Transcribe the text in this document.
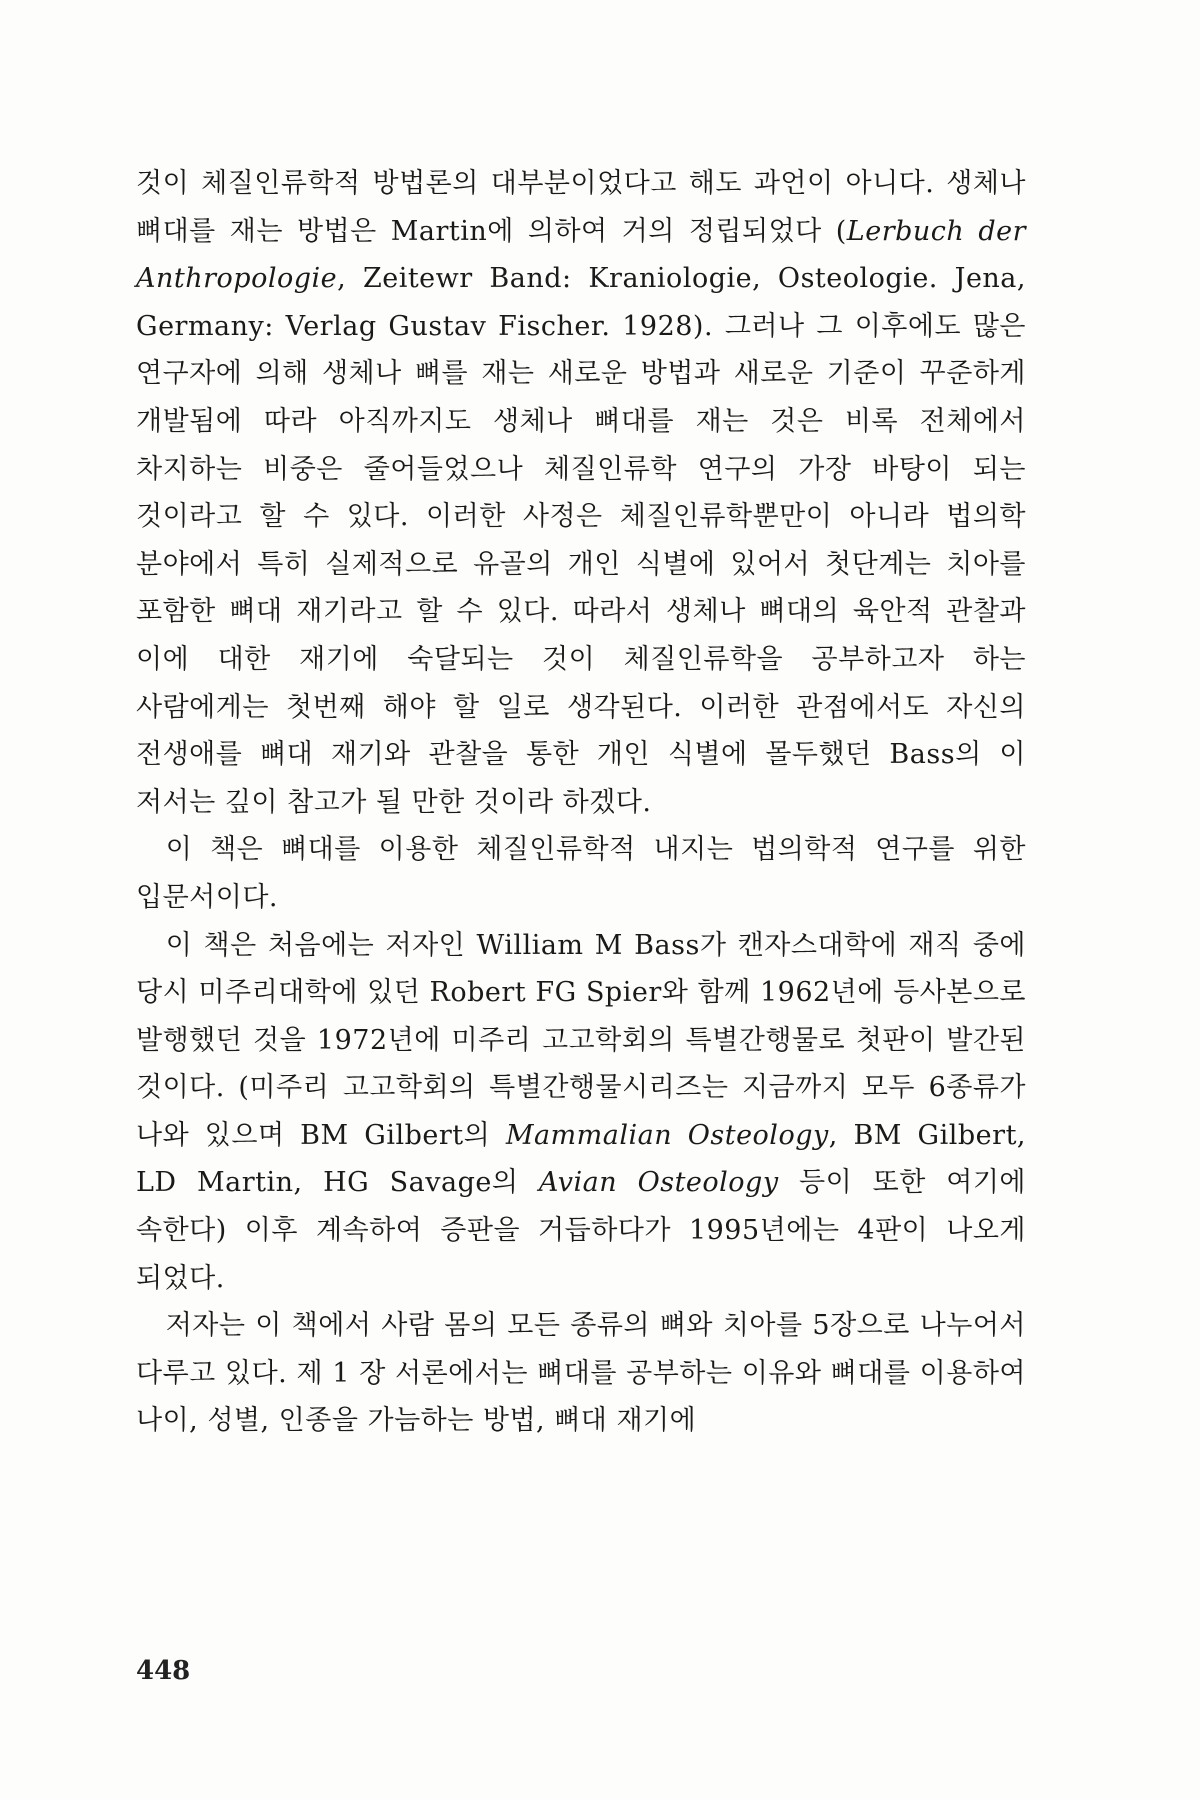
것이 체질인류학적 방법론의 대부분이었다고 해도 과언이 아니다. 생체나 뼈대를 재는 방법은 Martin에 의하여 거의 정립되었다 (Lerbuch der Anthropologie, Zeitewr Band: Kraniologie, Osteologie. Jena, Germany: Verlag Gustav Fischer. 1928). 그러나 그 이후에도 많은 연구자에 의해 생체나 뼈를 재는 새로운 방법과 새로운 기준이 꾸준하게 개발됨에 따라 아직까지도 생체나 뼈대를 재는 것은 비록 전체에서 차지하는 비중은 줄어들었으나 체질인류학 연구의 가장 바탕이 되는 것이라고 할 수 있다. 이러한 사정은 체질인류학뿐만이 아니라 법의학 분야에서 특히 실제적으로 유골의 개인 식별에 있어서 첫단계는 치아를 포함한 뼈대 재기라고 할 수 있다. 따라서 생체나 뼈대의 육안적 관찰과 이에 대한 재기에 숙달되는 것이 체질인류학을 공부하고자 하는 사람에게는 첫번째 해야 할 일로 생각된다. 이러한 관점에서도 자신의 전생애를 뼈대 재기와 관찰을 통한 개인 식별에 몰두했던 Bass의 이 저서는 깊이 참고가 될 만한 것이라 하겠다.

이 책은 뼈대를 이용한 체질인류학적 내지는 법의학적 연구를 위한 입문서이다.

이 책은 처음에는 저자인 William M Bass가 캔자스대학에 재직 중에 당시 미주리대학에 있던 Robert FG Spier와 함께 1962년에 등사본으로 발행했던 것을 1972년에 미주리 고고학회의 특별간행물로 첫판이 발간된 것이다. (미주리 고고학회의 특별간행물시리즈는 지금까지 모두 6종류가 나와 있으며 BM Gilbert의 Mammalian Osteology, BM Gilbert, LD Martin, HG Savage의 Avian Osteology 등이 또한 여기에 속한다) 이후 계속하여 증판을 거듭하다가 1995년에는 4판이 나오게 되었다.

저자는 이 책에서 사람 몸의 모든 종류의 뼈와 치아를 5장으로 나누어서 다루고 있다. 제 1 장 서론에서는 뼈대를 공부하는 이유와 뼈대를 이용하여 나이, 성별, 인종을 가늠하는 방법, 뼈대 재기에

448
